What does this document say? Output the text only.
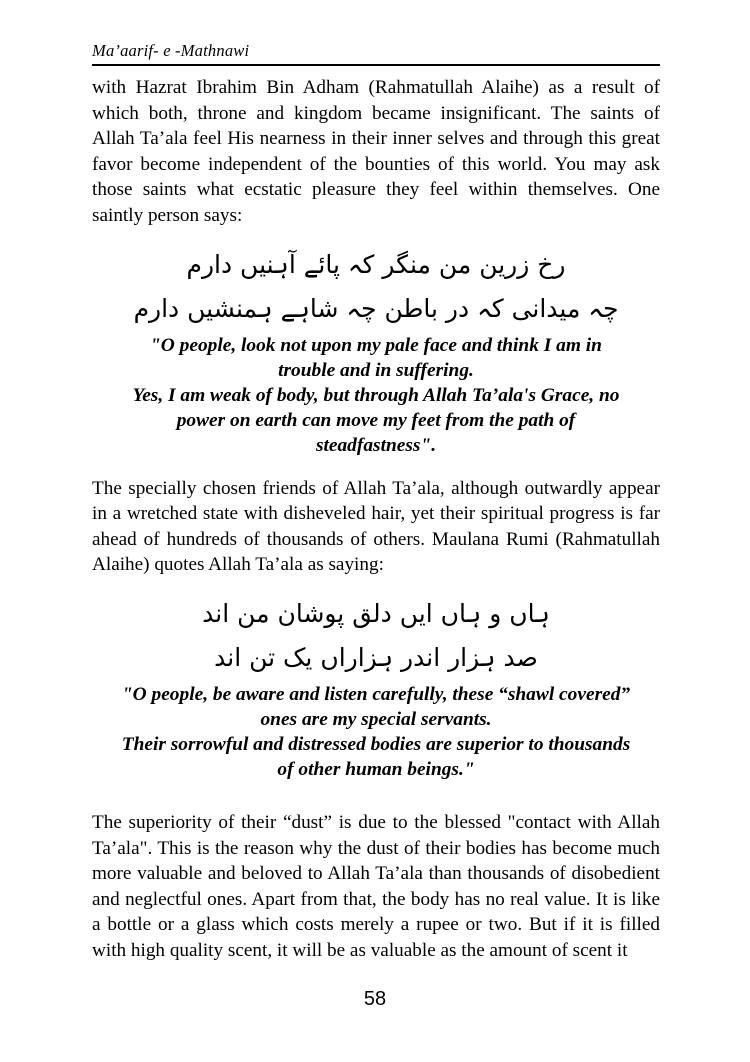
Ma’aarif- e -Mathnawi

with Hazrat Ibrahim Bin Adham (Rahmatullah Alaihe) as a result of which both, throne and kingdom became insignificant. The saints of Allah Ta’ala feel His nearness in their inner selves and through this great favor become independent of the bounties of this world. You may ask those saints what ecstatic pleasure they feel within themselves. One saintly person says:

رخ زرین من منگر کہ پائے آہنیں دارم
چہ میدانی کہ در باطن چہ شاہے ہمنشیں دارم
"O people, look not upon my pale face and think I am in
trouble and in suffering.
Yes, I am weak of body, but through Allah Ta’ala's Grace, no
power on earth can move my feet from the path of
steadfastness".

The specially chosen friends of Allah Ta’ala, although outwardly appear in a wretched state with disheveled hair, yet their spiritual progress is far ahead of hundreds of thousands of others. Maulana Rumi (Rahmatullah Alaihe) quotes Allah Ta’ala as saying:

ہاں و ہاں ایں دلق پوشان من اند
صد ہزار اندر ہزاراں یک تن اند
"O people, be aware and listen carefully, these “shawl covered”
ones are my special servants.
Their sorrowful and distressed bodies are superior to thousands
of other human beings."

The superiority of their “dust” is due to the blessed "contact with Allah Ta’ala". This is the reason why the dust of their bodies has become much more valuable and beloved to Allah Ta’ala than thousands of disobedient and neglectful ones. Apart from that, the body has no real value. It is like a bottle or a glass which costs merely a rupee or two. But if it is filled with high quality scent, it will be as valuable as the amount of scent it

58
